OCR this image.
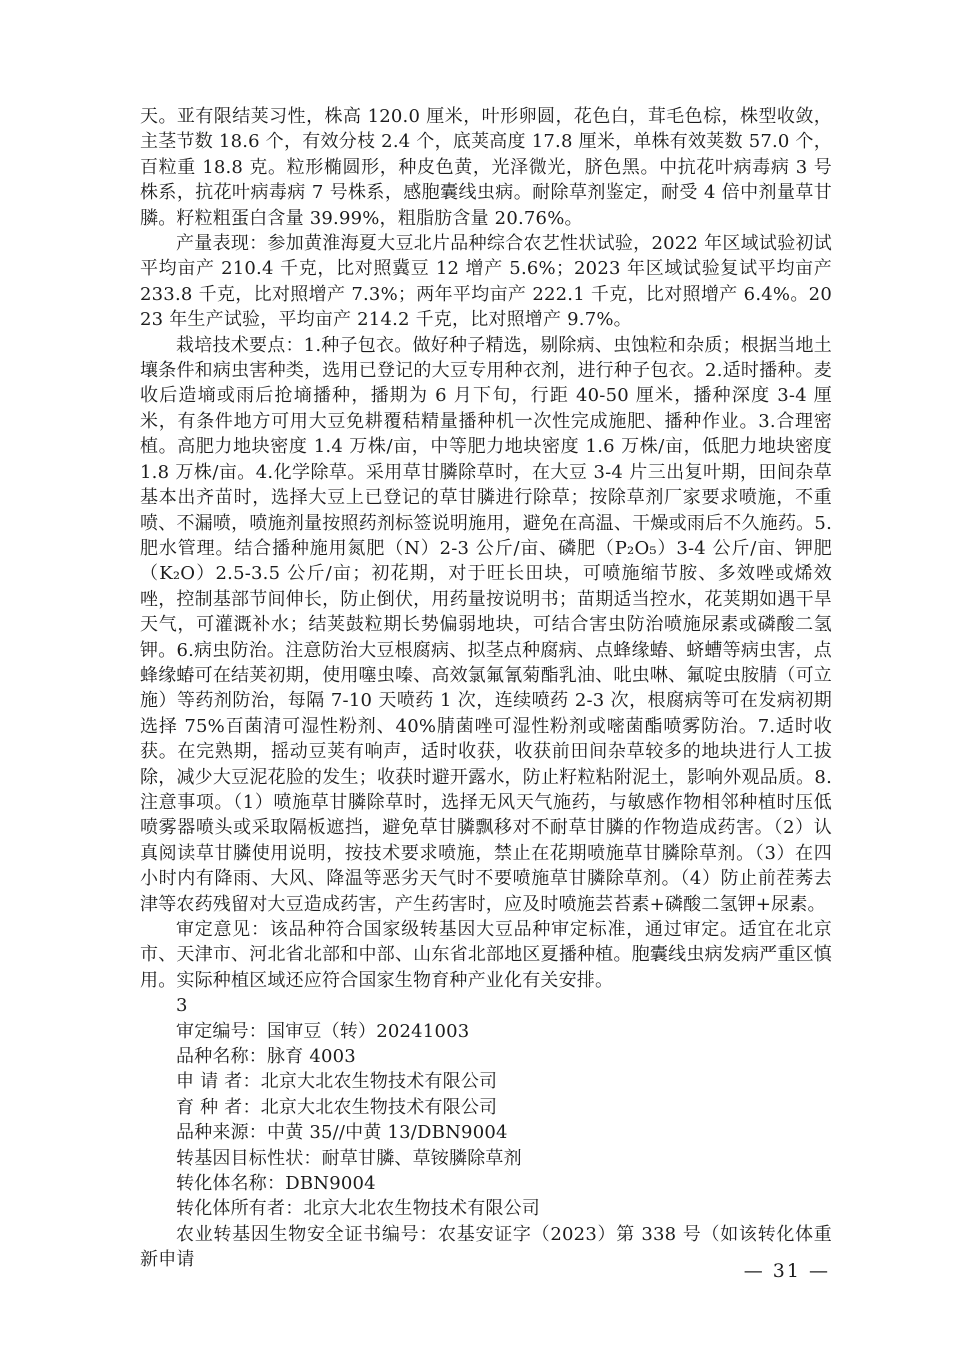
天。亚有限结荚习性，株高 120.0 厘米，叶形卵圆，花色白，茸毛色棕，株型收敛，主茎节数 18.6 个，有效分枝 2.4 个，底荚高度 17.8 厘米，单株有效荚数 57.0 个，百粒重 18.8 克。粒形椭圆形，种皮色黄，光泽微光，脐色黑。中抗花叶病毒病 3 号株系，抗花叶病毒病 7 号株系，感胞囊线虫病。耐除草剂鉴定，耐受 4 倍中剂量草甘膦。籽粒粗蛋白含量 39.99%，粗脂肪含量 20.76%。

产量表现：参加黄淮海夏大豆北片品种综合农艺性状试验，2022 年区域试验初试平均亩产 210.4 千克，比对照冀豆 12 增产 5.6%；2023 年区域试验复试平均亩产 233.8 千克，比对照增产 7.3%；两年平均亩产 222.1 千克，比对照增产 6.4%。2023 年生产试验，平均亩产 214.2 千克，比对照增产 9.7%。

栽培技术要点：1.种子包衣。做好种子精选，剔除病、虫蚀粒和杂质；根据当地土壤条件和病虫害种类，选用已登记的大豆专用种衣剂，进行种子包衣。2.适时播种。麦收后造墒或雨后抢墒播种，播期为 6 月下旬，行距 40-50 厘米，播种深度 3-4 厘米，有条件地方可用大豆免耕覆秸精量播种机一次性完成施肥、播种作业。3.合理密植。高肥力地块密度 1.4 万株/亩，中等肥力地块密度 1.6 万株/亩，低肥力地块密度 1.8 万株/亩。4.化学除草。采用草甘膦除草时，在大豆 3-4 片三出复叶期，田间杂草基本出齐苗时，选择大豆上已登记的草甘膦进行除草；按除草剂厂家要求喷施，不重喷、不漏喷，喷施剂量按照药剂标签说明施用，避免在高温、干燥或雨后不久施药。5.肥水管理。结合播种施用氮肥（N）2-3 公斤/亩、磷肥（P₂O₅）3-4 公斤/亩、钾肥（K₂O）2.5-3.5 公斤/亩；初花期，对于旺长田块，可喷施缩节胺、多效唑或烯效唑，控制基部节间伸长，防止倒伏，用药量按说明书；苗期适当控水，花荚期如遇干旱天气，可灌溉补水；结荚鼓粒期长势偏弱地块，可结合害虫防治喷施尿素或磷酸二氢钾。6.病虫防治。注意防治大豆根腐病、拟茎点种腐病、点蜂缘蝽、蛴螬等病虫害，点蜂缘蝽可在结荚初期，使用噻虫嗪、高效氯氟氰菊酯乳油、吡虫啉、氟啶虫胺腈（可立施）等药剂防治，每隔 7-10 天喷药 1 次，连续喷药 2-3 次，根腐病等可在发病初期选择 75%百菌清可湿性粉剂、40%腈菌唑可湿性粉剂或嘧菌酯喷雾防治。7.适时收获。在完熟期，摇动豆荚有响声，适时收获，收获前田间杂草较多的地块进行人工拔除，减少大豆泥花脸的发生；收获时避开露水，防止籽粒粘附泥土，影响外观品质。8.注意事项。（1）喷施草甘膦除草时，选择无风天气施药，与敏感作物相邻种植时压低喷雾器喷头或采取隔板遮挡，避免草甘膦飘移对不耐草甘膦的作物造成药害。（2）认真阅读草甘膦使用说明，按技术要求喷施，禁止在花期喷施草甘膦除草剂。（3）在四小时内有降雨、大风、降温等恶劣天气时不要喷施草甘膦除草剂。（4）防止前茬莠去津等农药残留对大豆造成药害，产生药害时，应及时喷施芸苔素+磷酸二氢钾+尿素。

审定意见：该品种符合国家级转基因大豆品种审定标准，通过审定。适宜在北京市、天津市、河北省北部和中部、山东省北部地区夏播种植。胞囊线虫病发病严重区慎用。实际种植区域还应符合国家生物育种产业化有关安排。

3

审定编号：国审豆（转）20241003

品种名称：脉育 4003

申 请 者：北京大北农生物技术有限公司

育 种 者：北京大北农生物技术有限公司

品种来源：中黄 35//中黄 13/DBN9004

转基因目标性状：耐草甘膦、草铵膦除草剂

转化体名称：DBN9004

转化体所有者：北京大北农生物技术有限公司

农业转基因生物安全证书编号：农基安证字（2023）第 338 号（如该转化体重新申请

— 31 —
